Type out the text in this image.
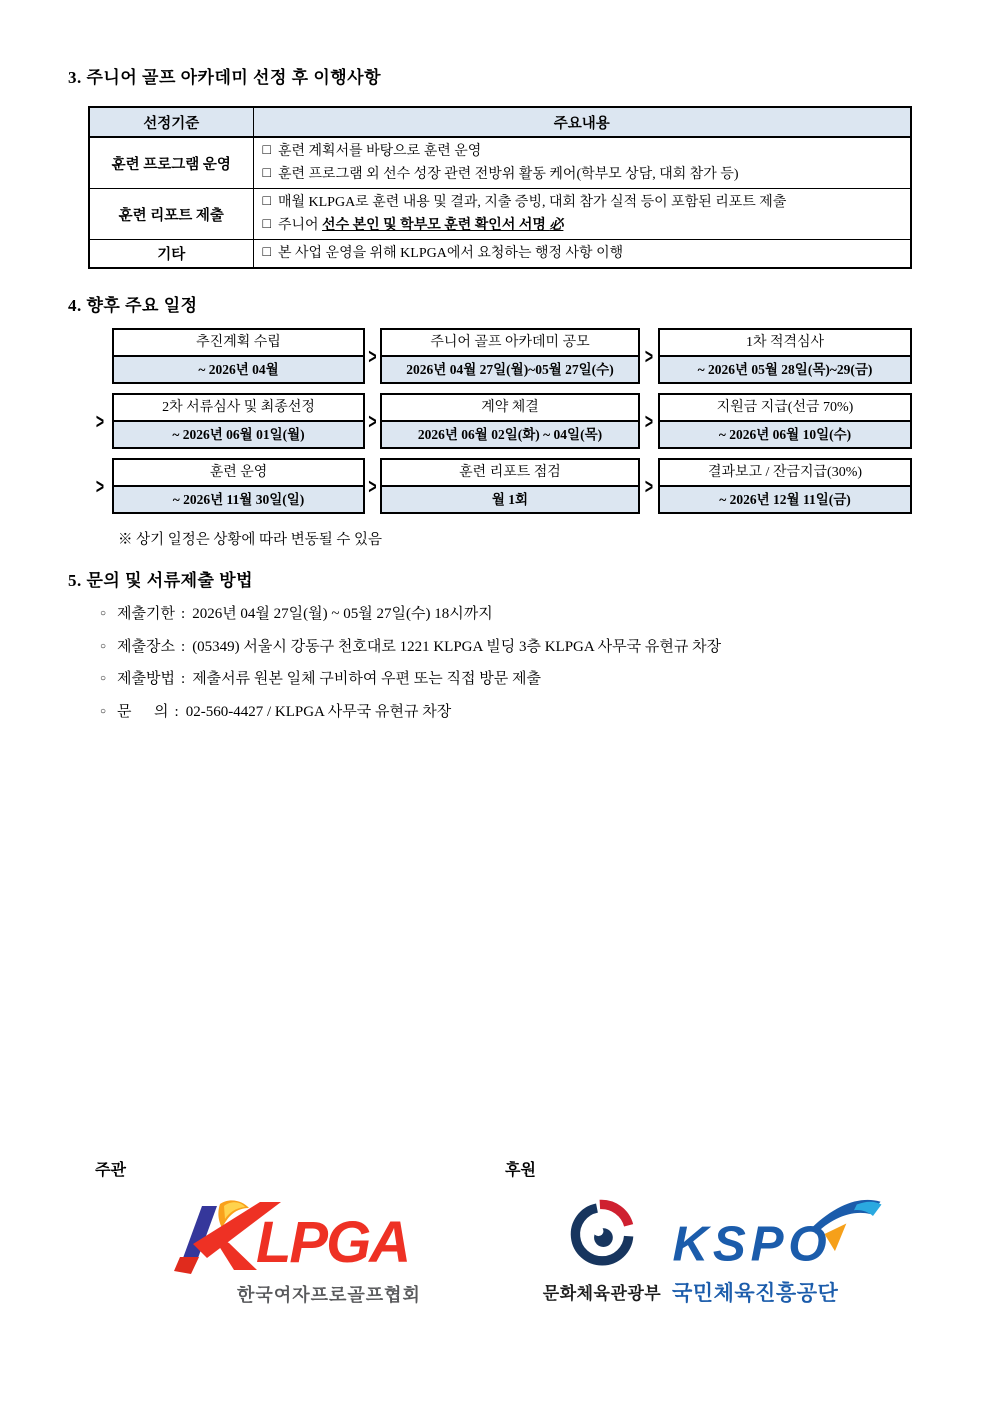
3. 주니어 골프 아카데미 선정 후 이행사항
선정기준	주요내용
훈련 프로그램 운영	□ 훈련 계획서를 바탕으로 훈련 운영
□ 훈련 프로그램 외 선수 성장 관련 전방위 활동 케어(학부모 상담, 대회 참가 등)

훈련 리포트 제출	□ 매월 KLPGA로 훈련 내용 및 결과, 지출 증빙, 대회 참가 실적 등이 포함된 리포트 제출
□ 주니어 선수 본인 및 학부모 훈련 확인서 서명 必

기타	□ 본 사업 운영을 위해 KLPGA에서 요청하는 행정 사항 이행
4. 향후 주요 일정
추진계획 수립
~ 2026년 04월
>
주니어 골프 아카데미 공모
2026년 04월 27일(월)~05월 27일(수)
>
1차 적격심사
~ 2026년 05월 28일(목)~29(금)
>
2차 서류심사 및 최종선정
~ 2026년 06월 01일(월)
>
계약 체결
2026년 06월 02일(화) ~ 04일(목)
>
지원금 지급(선금 70%)
~ 2026년 06월 10일(수)
>
훈련 운영
~ 2026년 11월 30일(일)
>
훈련 리포트 점검
월 1회
>
결과보고 / 잔금지급(30%)
~ 2026년 12월 11일(금)
※ 상기 일정은 상황에 따라 변동될 수 있음
5. 문의 및 서류제출 방법
○ 제출기한 : 2026년 04월 27일(월) ~ 05월 27일(수) 18시까지
○ 제출장소 : (05349) 서울시 강동구 천호대로 1221 KLPGA 빌딩 3층 KLPGA 사무국 유현규 차장
○ 제출방법 : 제출서류 원본 일체 구비하여 우편 또는 직접 방문 제출
○ 문      의 : 02-560-4427 / KLPGA 사무국 유현규 차장
주관	후원
LPGA
한국여자프로골프협회	문화체육관광부
KSPO
국민체육진흥공단
